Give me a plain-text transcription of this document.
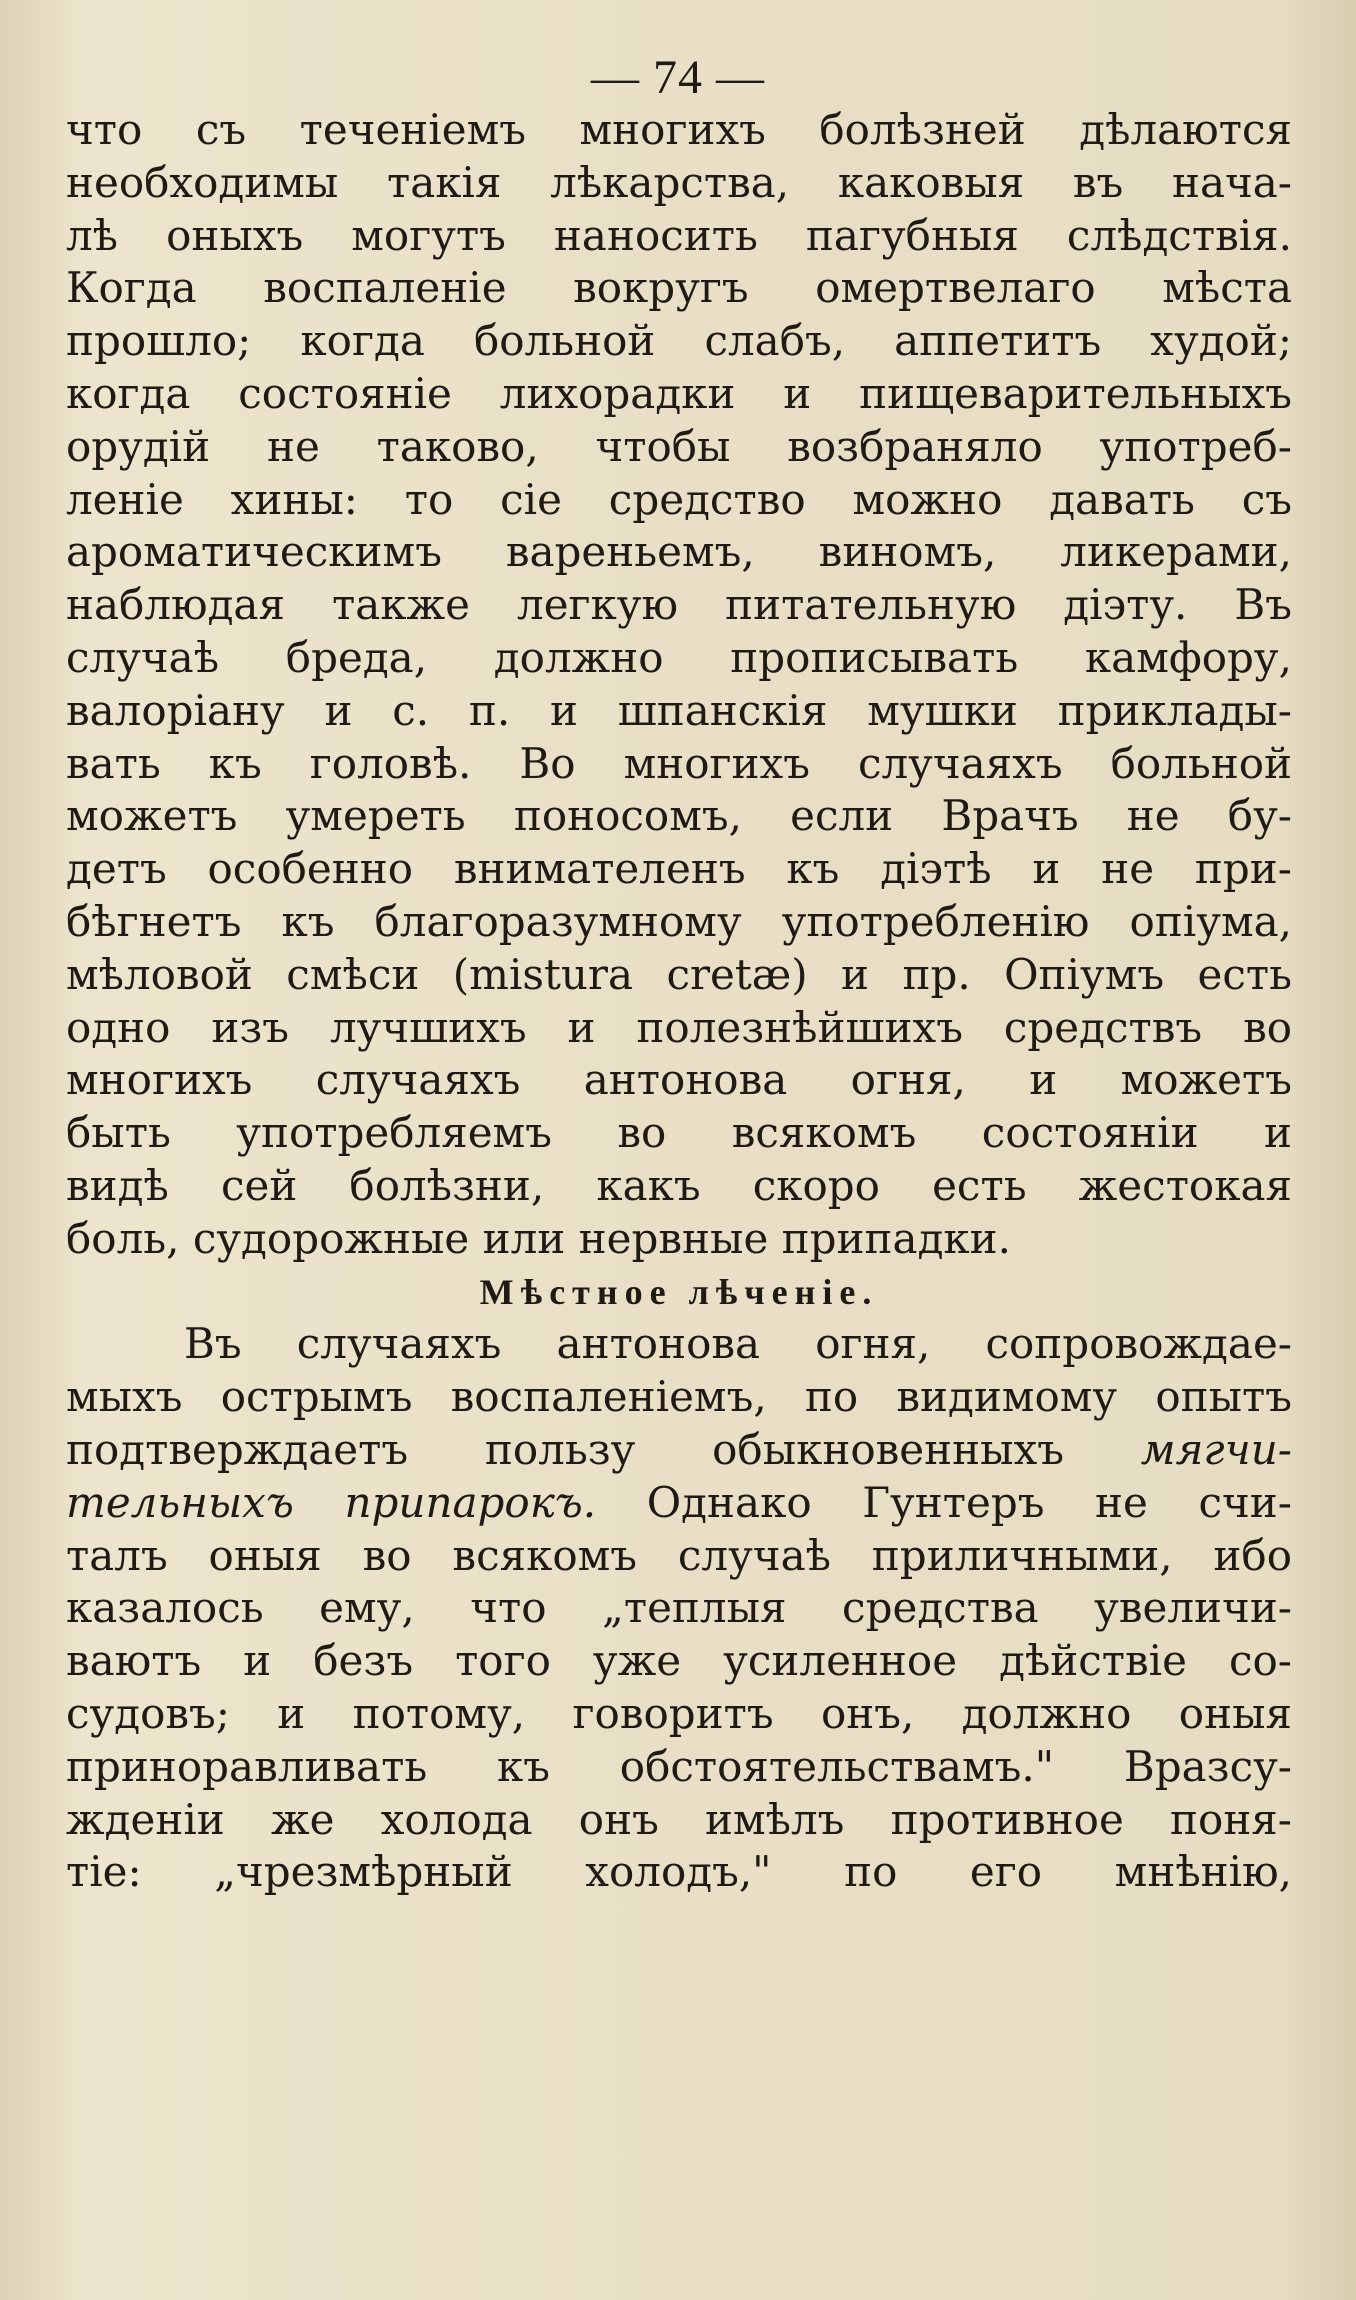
— 74 —
что съ теченіемъ многихъ болѣзней дѣлаются
необходимы такія лѣкарства, каковыя въ нача-
лѣ оныхъ могутъ наносить пагубныя слѣдствія.
Когда воспаленіе вокругъ омертвелаго мѣста
прошло; когда больной слабъ, аппетитъ худой;
когда состояніе лихорадки и пищеварительныхъ
орудій не таково, чтобы возбраняло употреб-
леніе хины: то сіе средство можно давать съ
ароматическимъ вареньемъ, виномъ, ликерами,
наблюдая также легкую питательную діэту. Въ
случаѣ бреда, должно прописывать камфору,
валоріану и с. п. и шпанскія мушки приклады-
вать къ головѣ. Во многихъ случаяхъ больной
можетъ умереть поносомъ, если Врачъ не бу-
детъ особенно внимателенъ къ діэтѣ и не при-
бѣгнетъ къ благоразумному употребленію опіума,
мѣловой смѣси (mistura cretæ) и пр. Опіумъ есть
одно изъ лучшихъ и полезнѣйшихъ средствъ во
многихъ случаяхъ антонова огня, и можетъ
быть употребляемъ во всякомъ состояніи и
видѣ сей болѣзни, какъ скоро есть жестокая
боль, судорожные или нервные припадки.
Мѣстное лѣченіе.
Въ случаяхъ антонова огня, сопровождае-
мыхъ острымъ воспаленіемъ, по видимому опытъ
подтверждаетъ пользу обыкновенныхъ мягчи-
тельныхъ припарокъ. Однако Гунтеръ не счи-
талъ оныя во всякомъ случаѣ приличными, ибо
казалось ему, что „теплыя средства увеличи-
ваютъ и безъ того уже усиленное дѣйствіе со-
судовъ; и потому, говоритъ онъ, должно оныя
приноравливать къ обстоятельствамъ." Вразсу-
жденіи же холода онъ имѣлъ противное поня-
тіе: „чрезмѣрный холодъ," по его мнѣнію,
